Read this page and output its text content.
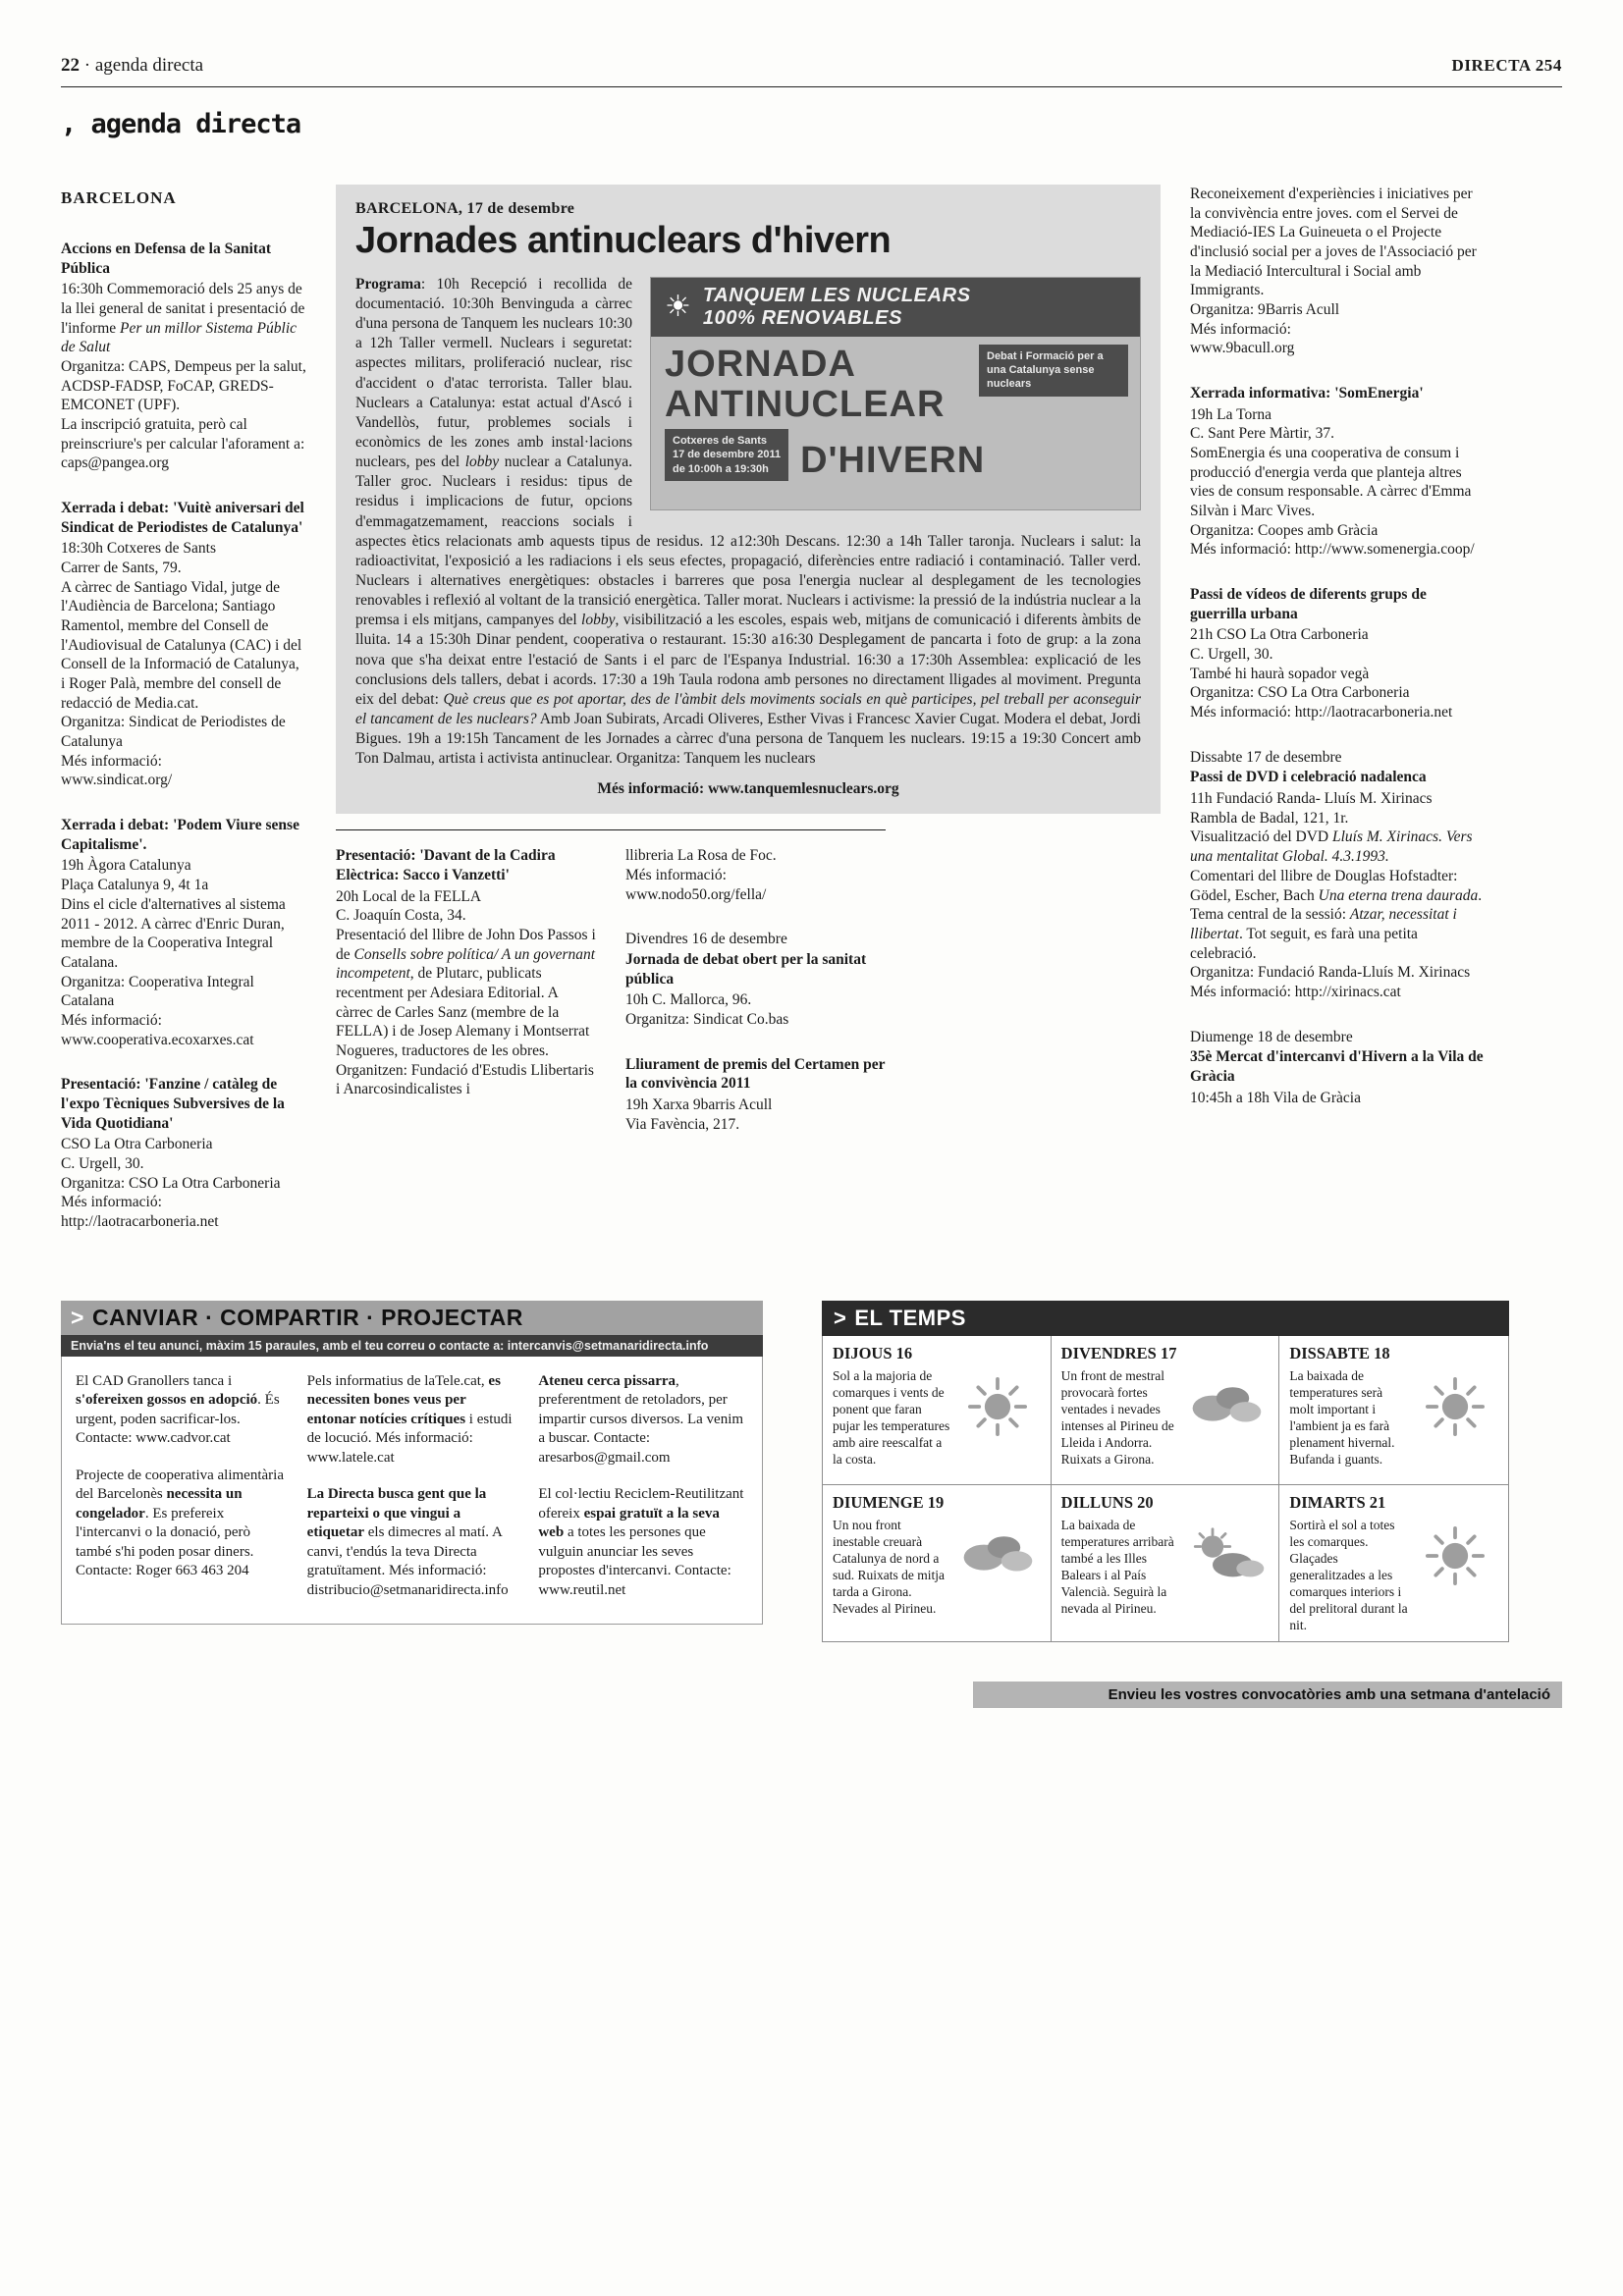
22 · agenda directa	DIRECTA 254
, agenda directa
BARCELONA
Accions en Defensa de la Sanitat Pública
16:30h Commemoració dels 25 anys de la llei general de sanitat i presentació de l'informe Per un millor Sistema Públic de Salut
Organitza: CAPS, Dempeus per la salut, ACDSP-FADSP, FoCAP, GREDS-EMCONET (UPF).
La inscripció gratuita, però cal preinscriure's per calcular l'aforament a:
caps@pangea.org
Xerrada i debat: 'Vuitè aniversari del Sindicat de Periodistes de Catalunya'
18:30h Cotxeres de Sants
Carrer de Sants, 79.
A càrrec de Santiago Vidal, jutge de l'Audiència de Barcelona; Santiago Ramentol, membre del Consell de l'Audiovisual de Catalunya (CAC) i del Consell de la Informació de Catalunya, i Roger Palà, membre del consell de redacció de Media.cat.
Organitza: Sindicat de Periodistes de Catalunya
Més informació:
www.sindicat.org/
Xerrada i debat: 'Podem Viure sense Capitalisme'.
19h Àgora Catalunya
Plaça Catalunya 9, 4t 1a
Dins el cicle d'alternatives al sistema 2011 - 2012. A càrrec d'Enric Duran, membre de la Cooperativa Integral Catalana.
Organitza: Cooperativa Integral Catalana
Més informació:
www.cooperativa.ecoxarxes.cat
Presentació: 'Fanzine / catàleg de l'expo Tècniques Subversives de la Vida Quotidiana'
CSO La Otra Carboneria
C. Urgell, 30.
Organitza: CSO La Otra Carboneria
Més informació: http://laotracarboneria.net
BARCELONA, 17 de desembre
Jornades antinuclears d'hivern
☀ TANQUEM LES NUCLEARS
100% RENOVABLES
JORNADA
ANTINUCLEAR
Cotxeres de Sants
17 de desembre 2011
de 10:00h a 19:30h D'HIVERN
Debat i Formació per a una Catalunya sense nuclears

Programa: 10h Recepció i recollida de documentació. 10:30h Benvinguda a càrrec d'una persona de Tanquem les nuclears 10:30 a 12h Taller vermell. Nuclears i seguretat: aspectes militars, proliferació nuclear, risc d'accident o d'atac terrorista. Taller blau. Nuclears a Catalunya: estat actual d'Ascó i Vandellòs, futur, problemes socials i econòmics de les zones amb instal·lacions nuclears, pes del lobby nuclear a Catalunya. Taller groc. Nuclears i residus: tipus de residus i implicacions de futur, opcions d'emmagatzemament, reaccions socials i aspectes ètics relacionats amb aquests tipus de residus. 12 a12:30h Descans. 12:30 a 14h Taller taronja. Nuclears i salut: la radioactivitat, l'exposició a les radiacions i els seus efectes, propagació, diferències entre radiació i contaminació. Taller verd. Nuclears i alternatives energètiques: obstacles i barreres que posa l'energia nuclear al desplegament de les tecnologies renovables i reflexió al voltant de la transició energètica. Taller morat. Nuclears i activisme: la pressió de la indústria nuclear a la premsa i els mitjans, campanyes del lobby, visibilització a les escoles, espais web, mitjans de comunicació i diferents àmbits de lluita. 14 a 15:30h Dinar pendent, cooperativa o restaurant. 15:30 a16:30 Desplegament de pancarta i foto de grup: a la zona nova que s'ha deixat entre l'estació de Sants i el parc de l'Espanya Industrial. 16:30 a 17:30h Assemblea: explicació de les conclusions dels tallers, debat i acords. 17:30 a 19h Taula rodona amb persones no directament lligades al moviment. Pregunta eix del debat: Què creus que es pot aportar, des de l'àmbit dels moviments socials en què participes, pel treball per aconseguir el tancament de les nuclears? Amb Joan Subirats, Arcadi Oliveres, Esther Vivas i Francesc Xavier Cugat. Modera el debat, Jordi Bigues. 19h a 19:15h Tancament de les Jornades a càrrec d'una persona de Tanquem les nuclears. 19:15 a 19:30 Concert amb Ton Dalmau, artista i activista antinuclear. Organitza: Tanquem les nuclears

Més informació: www.tanquemlesnuclears.org
Presentació: 'Davant de la Cadira Elèctrica: Sacco i Vanzetti'
20h Local de la FELLA
C. Joaquín Costa, 34.
Presentació del llibre de John Dos Passos i de Consells sobre política/ A un governant incompetent, de Plutarc, publicats recentment per Adesiara Editorial. A càrrec de Carles Sanz (membre de la FELLA) i de Josep Alemany i Montserrat Nogueres, traductores de les obres.
Organitzen: Fundació d'Estudis Llibertaris i Anarcosindicalistes i
llibreria La Rosa de Foc.
Més informació:
www.nodo50.org/fella/
Divendres 16 de desembre
Jornada de debat obert per la sanitat pública
10h C. Mallorca, 96.
Organitza: Sindicat Co.bas
Lliurament de premis del Certamen per la convivència 2011
19h Xarxa 9barris Acull
Via Favència, 217.
Reconeixement d'experiències i iniciatives per la convivència entre joves. com el Servei de Mediació-IES La Guineueta o el Projecte d'inclusió social per a joves de l'Associació per la Mediació Intercultural i Social amb Immigrants.
Organitza: 9Barris Acull
Més informació:
www.9bacull.org
Xerrada informativa: 'SomEnergia'
19h La Torna
C. Sant Pere Màrtir, 37.
SomEnergia és una cooperativa de consum i producció d'energia verda que planteja altres vies de consum responsable. A càrrec d'Emma Silvàn i Marc Vives.
Organitza: Coopes amb Gràcia
Més informació: http://www.somenergia.coop/
Passi de vídeos de diferents grups de guerrilla urbana
21h CSO La Otra Carboneria
C. Urgell, 30.
També hi haurà sopador vegà
Organitza: CSO La Otra Carboneria
Més informació: http://laotracarboneria.net
Dissabte 17 de desembre
Passi de DVD i celebració nadalenca
11h Fundació Randa- Lluís M. Xirinacs
Rambla de Badal, 121, 1r.
Visualització del DVD Lluís M. Xirinacs. Vers una mentalitat Global. 4.3.1993.
Comentari del llibre de Douglas Hofstadter: Gödel, Escher, Bach Una eterna trena daurada. Tema central de la sessió: Atzar, necessitat i llibertat. Tot seguit, es farà una petita celebració.
Organitza: Fundació Randa-Lluís M. Xirinacs
Més informació: http://xirinacs.cat
Diumenge 18 de desembre
35è Mercat d'intercanvi d'Hivern a la Vila de Gràcia
10:45h a 18h Vila de Gràcia
> CANVIAR · COMPARTIR · PROJECTAR
Envia'ns el teu anunci, màxim 15 paraules, amb el teu correu o contacte a: intercanvis@setmanaridirecta.info
El CAD Granollers tanca i s'ofereixen gossos en adopció. És urgent, poden sacrificar-los. Contacte: www.cadvor.cat
Projecte de cooperativa alimentària del Barcelonès necessita un congelador. Es prefereix l'intercanvi o la donació, però també s'hi poden posar diners. Contacte: Roger 663 463 204
Pels informatius de laTele.cat, es necessiten bones veus per entonar notícies crítiques i estudi de locució. Més informació: www.latele.cat
La Directa busca gent que la reparteixi o que vingui a etiquetar els dimecres al matí. A canvi, t'endús la teva Directa gratuïtament. Més informació: distribucio@setmanaridirecta.info
Ateneu cerca pissarra, preferentment de retoladors, per impartir cursos diversos. La venim a buscar. Contacte: aresarbos@gmail.com
El col·lectiu Reciclem-Reutilitzant ofereix espai gratuït a la seva web a totes les persones que vulguin anunciar les seves propostes d'intercanvi. Contacte: www.reutil.net
> EL TEMPS
DIJOUS 16
Sol a la majoria de comarques i vents de ponent que faran pujar les temperatures amb aire reescalfat a la costa.
DIVENDRES 17
Un front de mestral provocarà fortes ventades i nevades intenses al Pirineu de Lleida i Andorra. Ruixats a Girona.
DISSABTE 18
La baixada de temperatures serà molt important i l'ambient ja es farà plenament hivernal. Bufanda i guants.
DIUMENGE 19
Un nou front inestable creuarà Catalunya de nord a sud. Ruixats de mitja tarda a Girona. Nevades al Pirineu.
DILLUNS 20
La baixada de temperatures arribarà també a les Illes Balears i al País Valencià. Seguirà la nevada al Pirineu.
DIMARTS 21
Sortirà el sol a totes les comarques. Glaçades generalitzades a les comarques interiors i del prelitoral durant la nit.
Envieu les vostres convocatòries amb una setmana d'antelació
